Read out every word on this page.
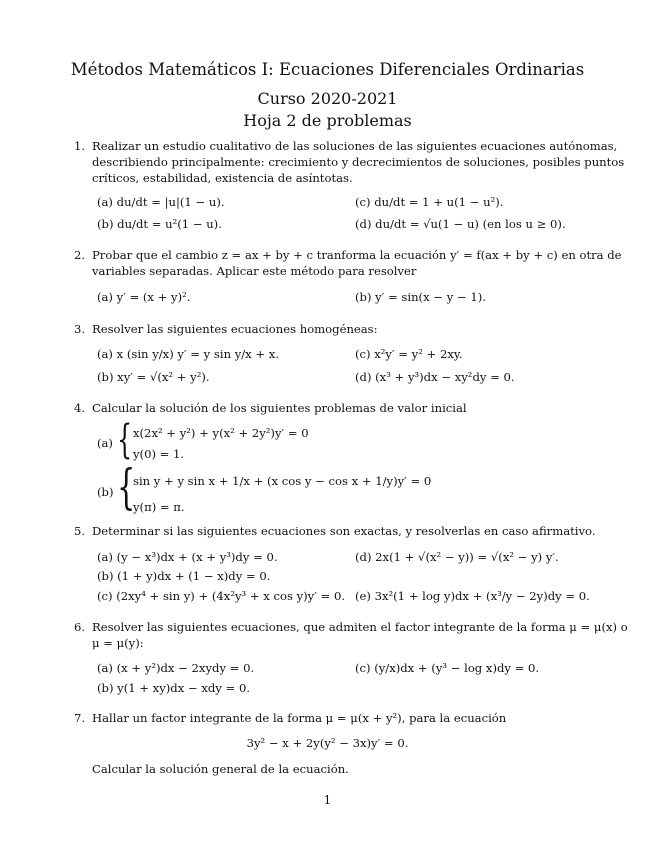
Métodos Matemáticos I: Ecuaciones Diferenciales Ordinarias
Curso 2020-2021
Hoja 2 de problemas
1. Realizar un estudio cualitativo de las soluciones de las siguientes ecuaciones autónomas,
describiendo principalmente: crecimiento y decrecimientos de soluciones, posibles puntos
críticos, estabilidad, existencia de asíntotas.
(a) du/dt = |u|(1 − u).
(b) du/dt = u²(1 − u).
(c) du/dt = 1 + u(1 − u²).
(d) du/dt = √u(1 − u) (en los u ≥ 0).
2. Probar que el cambio z = ax + by + c tranforma la ecuación y′ = f(ax + by + c) en otra de
variables separadas. Aplicar este método para resolver
(a) y′ = (x + y)².	(b) y′ = sin(x − y − 1).
3. Resolver las siguientes ecuaciones homogéneas:
(a) x (sin y/x) y′ = y sin y/x + x.
(b) xy′ = √(x² + y²).
(c) x²y′ = y² + 2xy.
(d) (x³ + y³)dx − xy²dy = 0.
4. Calcular la solución de los siguientes problemas de valor inicial
(a) { x(2x² + y²) + y(x² + 2y²)y′ = 0
y(0) = 1.
(b) {
sin y + y sin x + 1/x + (x cos y − cos x + 1/y)y′ = 0
y(π) = π.
5. Determinar si las siguientes ecuaciones son exactas, y resolverlas en caso afirmativo.
(a) (y − x³)dx + (x + y³)dy = 0.
(b) (1 + y)dx + (1 − x)dy = 0.
(c) (2xy⁴ + sin y) + (4x²y³ + x cos y)y′ = 0.
(d) 2x(1 + √(x² − y)) = √(x² − y) y′.
(e) 3x²(1 + log y)dx + (x³/y − 2y)dy = 0.
6. Resolver las siguientes ecuaciones, que admiten el factor integrante de la forma μ = μ(x) o
μ = μ(y):
(a) (x + y²)dx − 2xydy = 0.
(b) y(1 + xy)dx − xdy = 0.
(c) (y/x)dx + (y³ − log x)dy = 0.
7. Hallar un factor integrante de la forma μ = μ(x + y²), para la ecuación
3y² − x + 2y(y² − 3x)y′ = 0.
Calcular la solución general de la ecuación.
1
